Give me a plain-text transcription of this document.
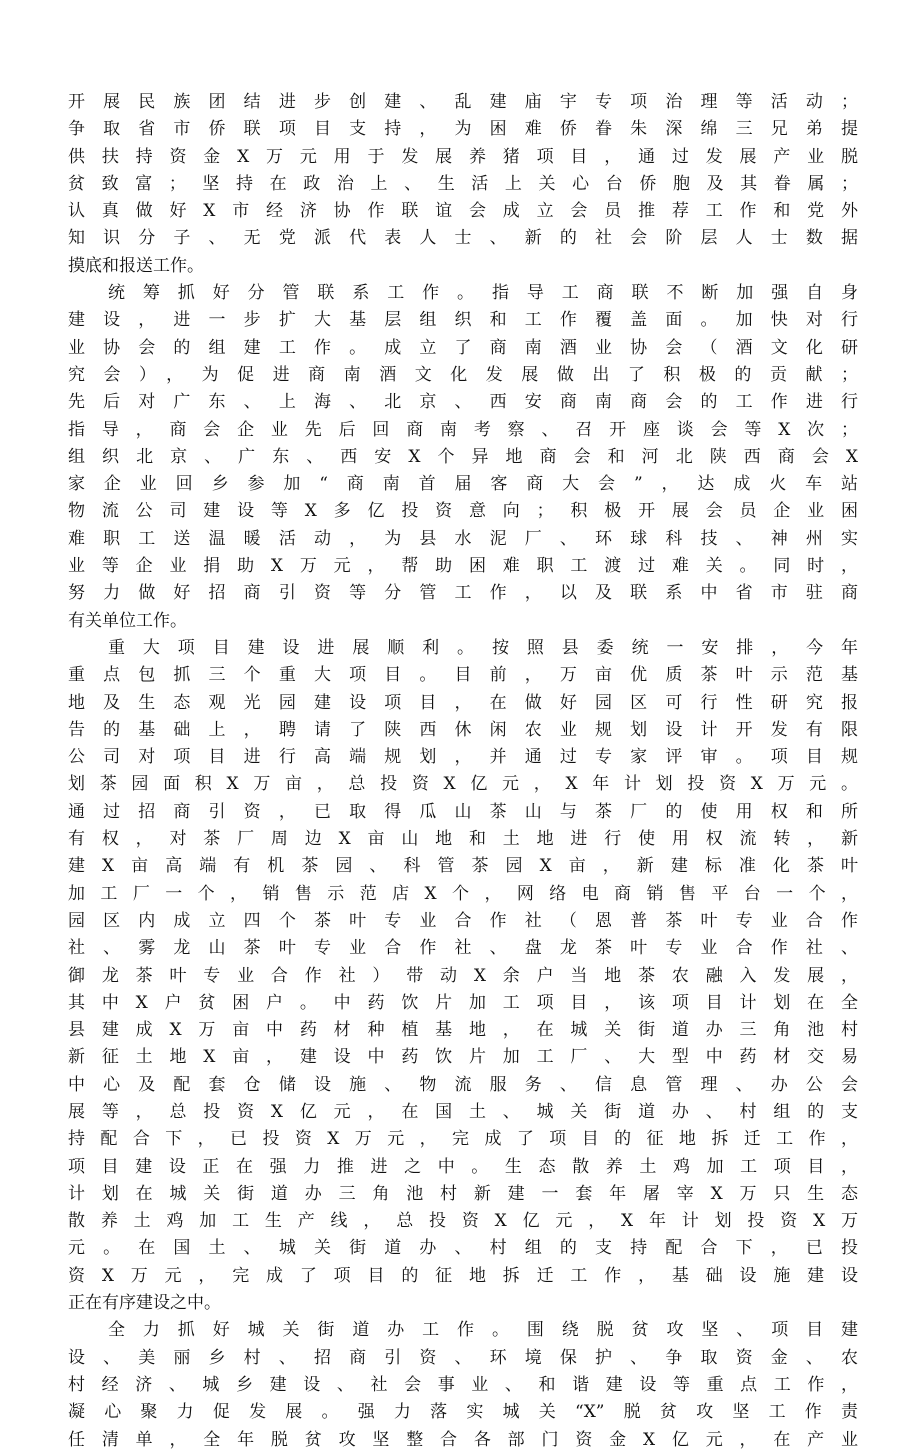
开展民族团结进步创建、乱建庙宇专项治理等活动；
争取省市侨联项目支持，为困难侨眷朱深绵三兄弟提
供扶持资金X万元用于发展养猪项目，通过发展产业脱
贫致富；坚持在政治上、生活上关心台侨胞及其眷属；
认真做好X市经济协作联谊会成立会员推荐工作和党外
知识分子、无党派代表人士、新的社会阶层人士数据
摸底和报送工作。
统筹抓好分管联系工作。指导工商联不断加强自身
建设，进一步扩大基层组织和工作覆盖面。加快对行
业协会的组建工作。成立了商南酒业协会（酒文化研
究会），为促进商南酒文化发展做出了积极的贡献；
先后对广东、上海、北京、西安商南商会的工作进行
指导，商会企业先后回商南考察、召开座谈会等X次；
组织北京、广东、西安X个异地商会和河北陕西商会X
家企业回乡参加“商南首届客商大会”，达成火车站
物流公司建设等X多亿投资意向；积极开展会员企业困
难职工送温暖活动，为县水泥厂、环球科技、神州实
业等企业捐助X万元，帮助困难职工渡过难关。同时，
努力做好招商引资等分管工作，以及联系中省市驻商
有关单位工作。
重大项目建设进展顺利。按照县委统一安排，今年
重点包抓三个重大项目。目前，万亩优质茶叶示范基
地及生态观光园建设项目，在做好园区可行性研究报
告的基础上，聘请了陕西休闲农业规划设计开发有限
公司对项目进行高端规划，并通过专家评审。项目规
划茶园面积X万亩，总投资X亿元，X年计划投资X万元。
通过招商引资，已取得瓜山茶山与茶厂的使用权和所
有权，对茶厂周边X亩山地和土地进行使用权流转，新
建X亩高端有机茶园、科管茶园X亩，新建标准化茶叶
加工厂一个，销售示范店X个，网络电商销售平台一个，
园区内成立四个茶叶专业合作社（恩普茶叶专业合作
社、雾龙山茶叶专业合作社、盘龙茶叶专业合作社、
御龙茶叶专业合作社）带动X余户当地茶农融入发展，
其中X户贫困户。中药饮片加工项目，该项目计划在全
县建成X万亩中药材种植基地，在城关街道办三角池村
新征土地X亩，建设中药饮片加工厂、大型中药材交易
中心及配套仓储设施、物流服务、信息管理、办公会
展等，总投资X亿元，在国土、城关街道办、村组的支
持配合下，已投资X万元，完成了项目的征地拆迁工作，
项目建设正在强力推进之中。生态散养土鸡加工项目，
计划在城关街道办三角池村新建一套年屠宰X万只生态
散养土鸡加工生产线，总投资X亿元，X年计划投资X万
元。在国土、城关街道办、村组的支持配合下，已投
资X万元，完成了项目的征地拆迁工作，基础设施建设
正在有序建设之中。
全力抓好城关街道办工作。围绕脱贫攻坚、项目建
设、美丽乡村、招商引资、环境保护、争取资金、农
村经济、城乡建设、社会事业、和谐建设等重点工作，
凝心聚力促发展。强力落实城关“X”脱贫攻坚工作责
任清单，全年脱贫攻坚整合各部门资金X亿元，在产业
